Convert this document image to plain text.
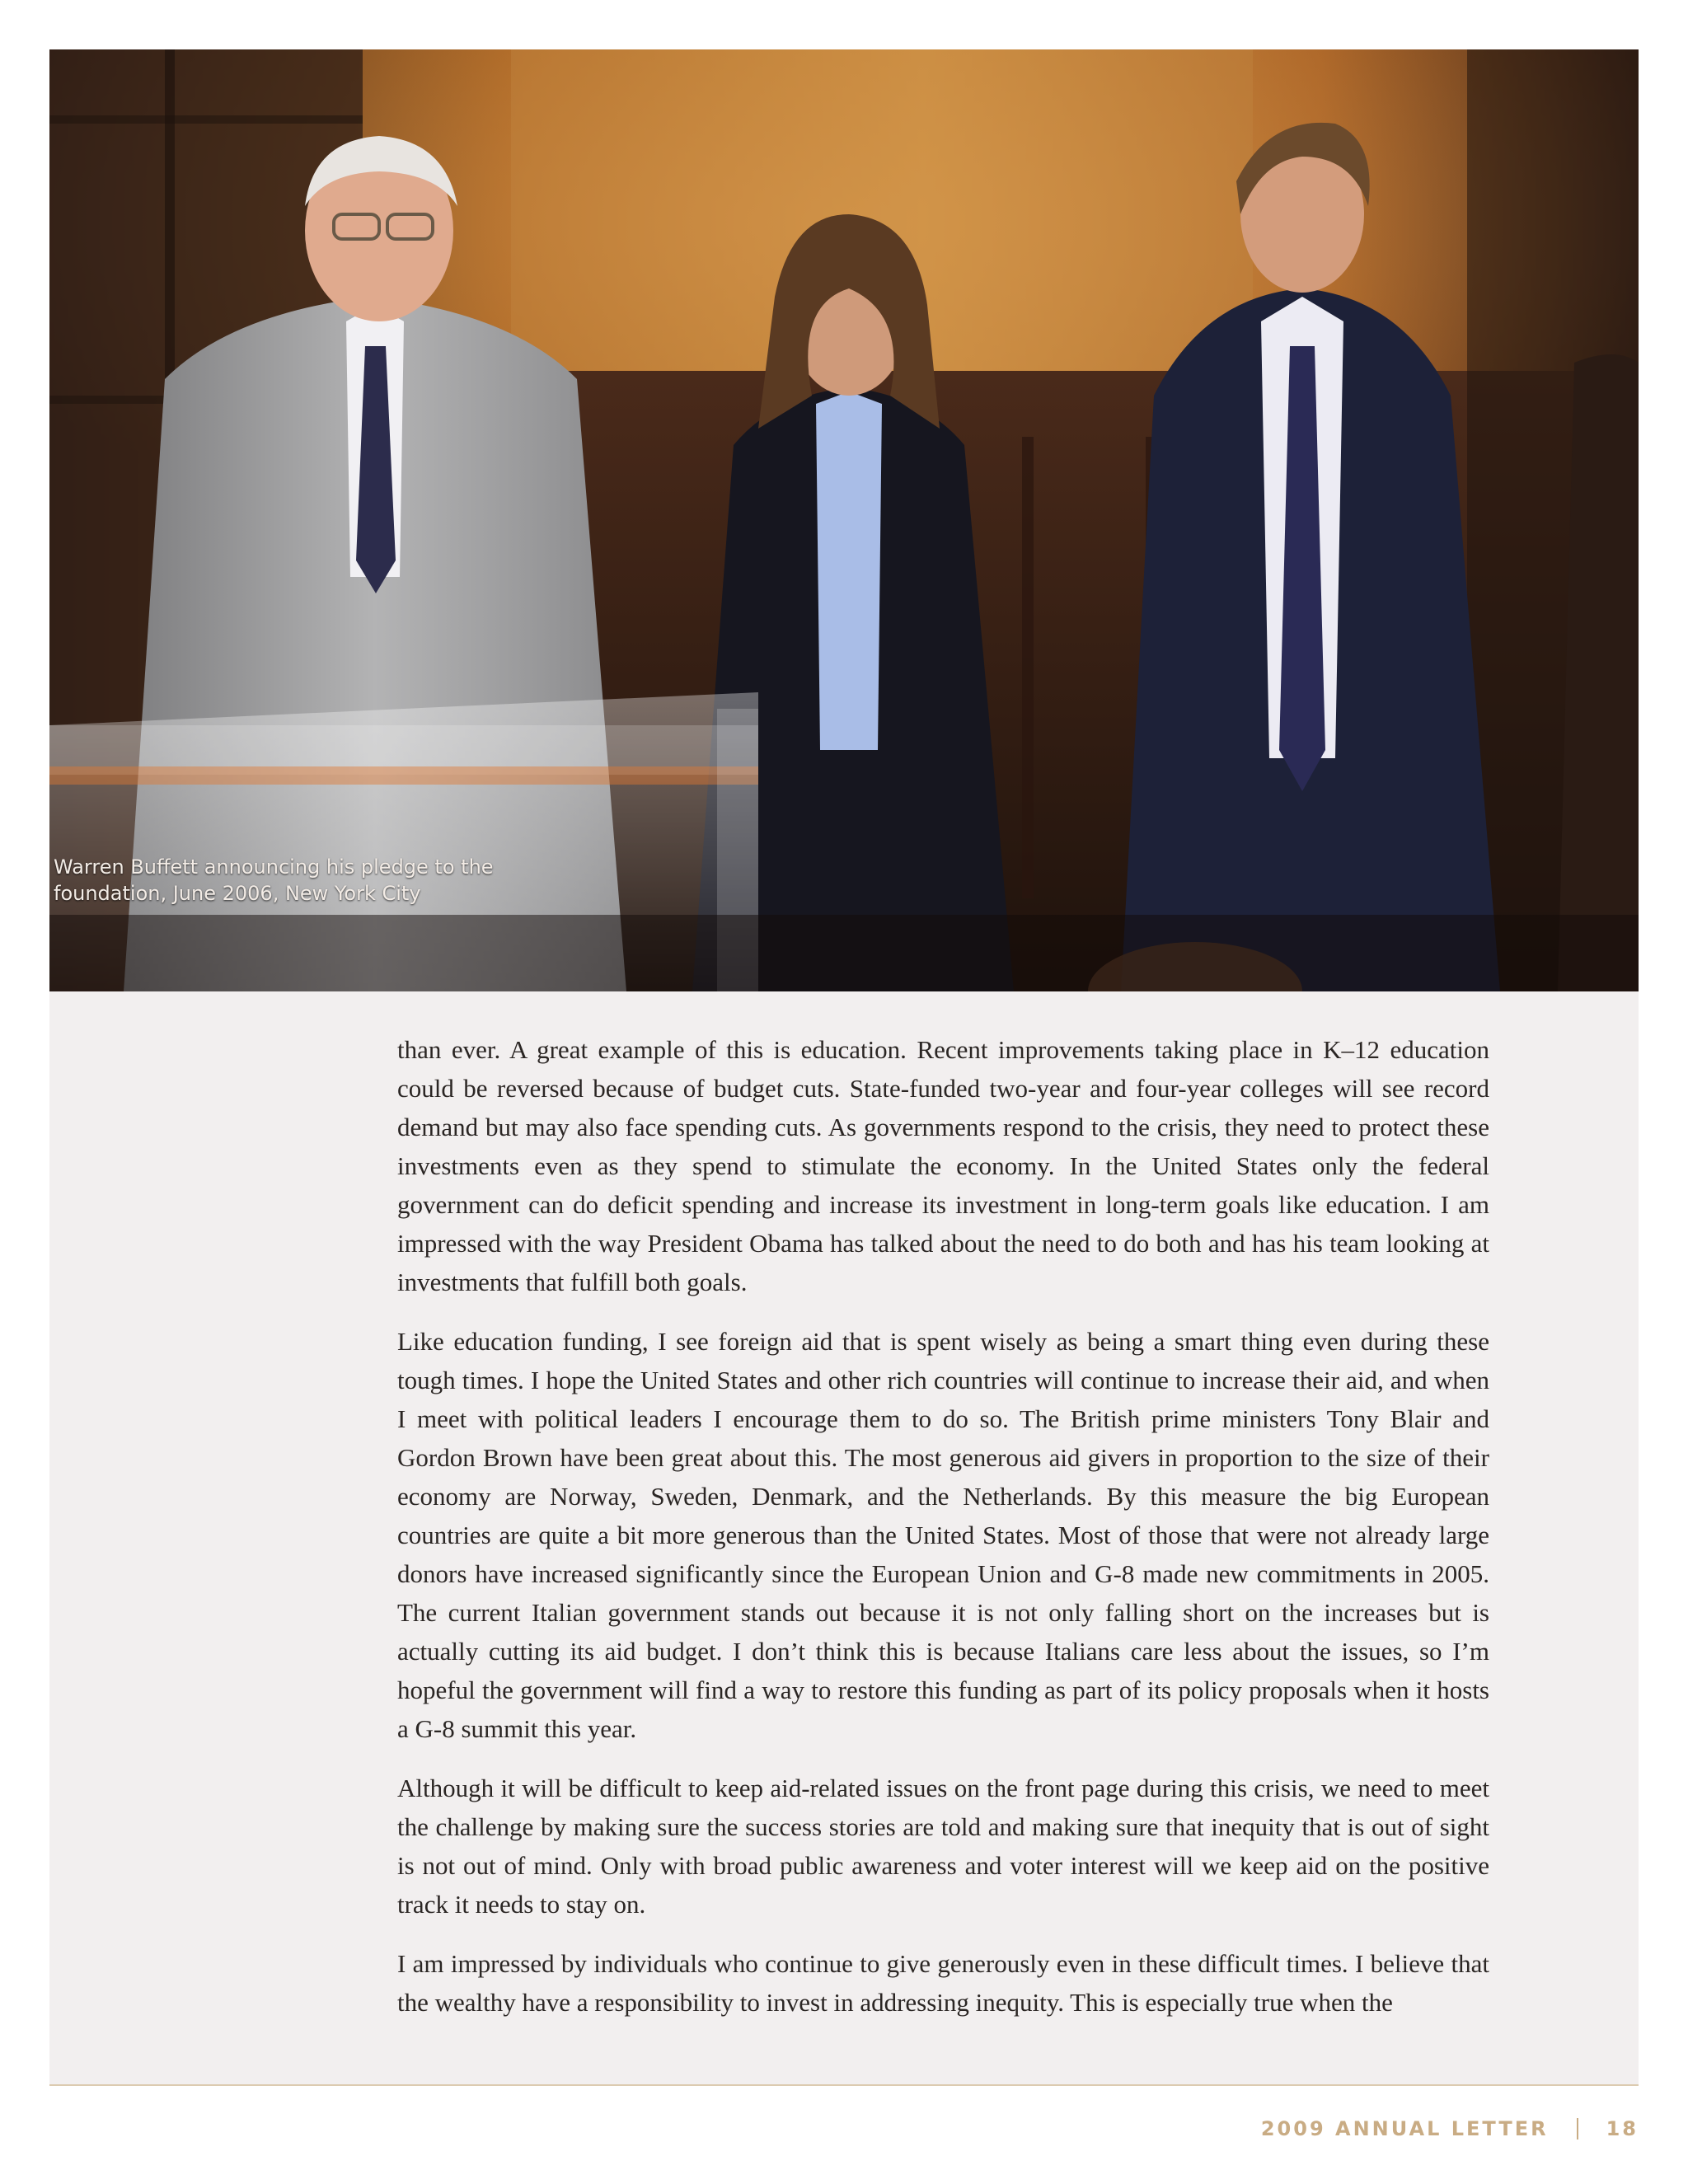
Warren Buffett announcing his pledge to the foundation, June 2006, New York City

than ever. A great example of this is education. Recent improvements taking place in K–12 education could be reversed because of budget cuts. State-funded two-year and four-year colleges will see record demand but may also face spending cuts. As governments respond to the crisis, they need to protect these investments even as they spend to stimulate the economy. In the United States only the federal government can do deficit spending and increase its investment in long-term goals like education. I am impressed with the way President Obama has talked about the need to do both and has his team looking at investments that fulfill both goals.

Like education funding, I see foreign aid that is spent wisely as being a smart thing even during these tough times. I hope the United States and other rich countries will continue to increase their aid, and when I meet with political leaders I encourage them to do so. The British prime ministers Tony Blair and Gordon Brown have been great about this. The most generous aid givers in proportion to the size of their economy are Norway, Sweden, Denmark, and the Netherlands. By this measure the big European countries are quite a bit more generous than the United States. Most of those that were not already large donors have increased significantly since the European Union and G-8 made new commitments in 2005. The current Italian government stands out because it is not only falling short on the increases but is actually cutting its aid budget. I don’t think this is because Italians care less about the issues, so I’m hopeful the government will find a way to restore this funding as part of its policy proposals when it hosts a G-8 summit this year.

Although it will be difficult to keep aid-related issues on the front page during this crisis, we need to meet the challenge by making sure the success stories are told and making sure that inequity that is out of sight is not out of mind. Only with broad public awareness and voter interest will we keep aid on the positive track it needs to stay on.

I am impressed by individuals who continue to give generously even in these difficult times. I believe that the wealthy have a responsibility to invest in addressing inequity. This is especially true when the

2009 ANNUAL LETTER	18
